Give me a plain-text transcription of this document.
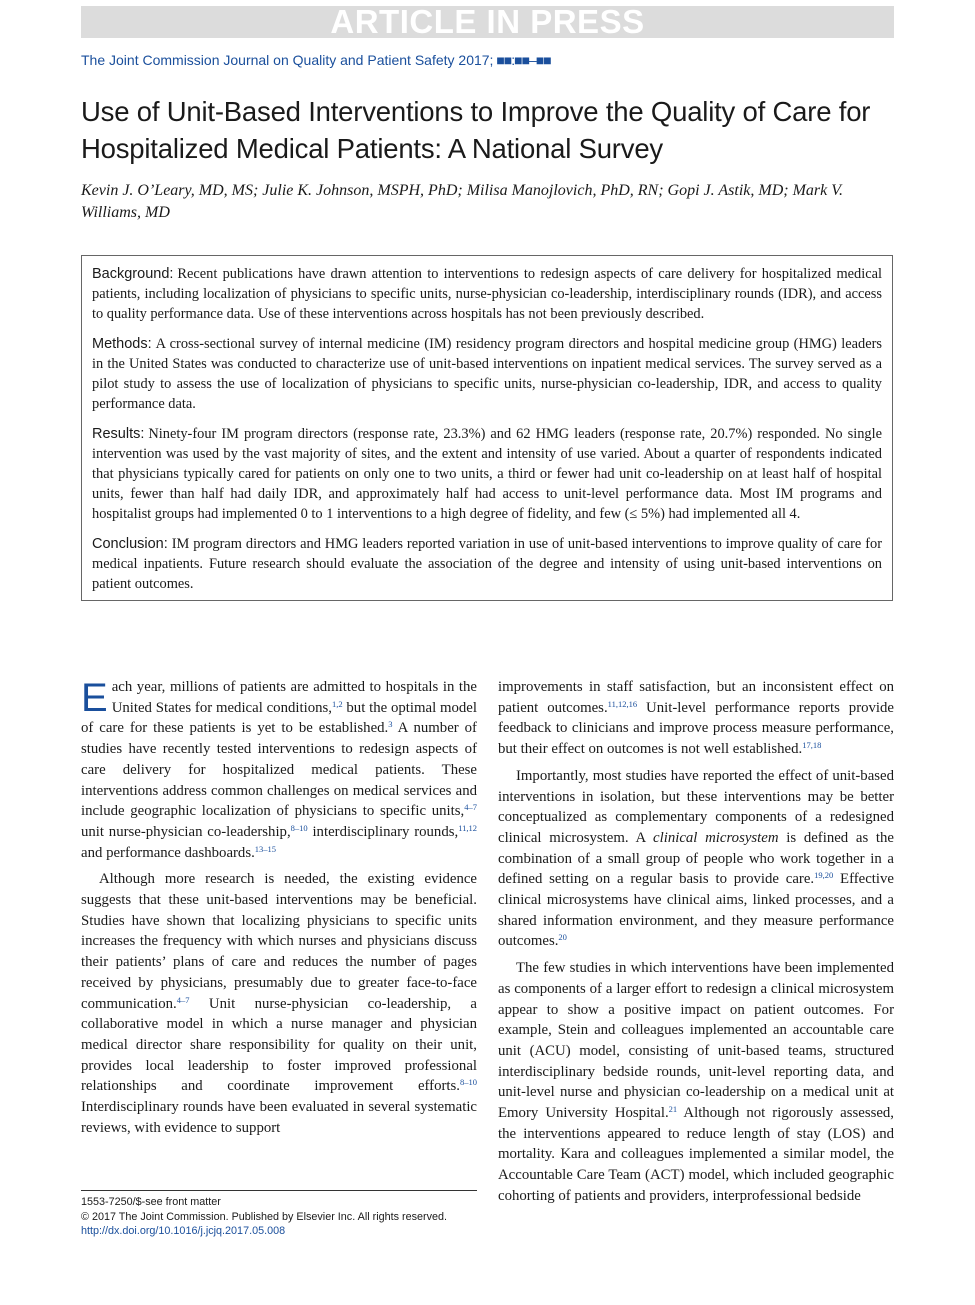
ARTICLE IN PRESS
The Joint Commission Journal on Quality and Patient Safety 2017; ■■:■■–■■
Use of Unit-Based Interventions to Improve the Quality of Care for Hospitalized Medical Patients: A National Survey
Kevin J. O’Leary, MD, MS; Julie K. Johnson, MSPH, PhD; Milisa Manojlovich, PhD, RN; Gopi J. Astik, MD; Mark V. Williams, MD

Background: Recent publications have drawn attention to interventions to redesign aspects of care delivery for hospitalized medical patients, including localization of physicians to specific units, nurse-physician co-leadership, interdisciplinary rounds (IDR), and access to quality performance data. Use of these interventions across hospitals has not been previously described.

Methods: A cross-sectional survey of internal medicine (IM) residency program directors and hospital medicine group (HMG) leaders in the United States was conducted to characterize use of unit-based interventions on inpatient medical services. The survey served as a pilot study to assess the use of localization of physicians to specific units, nurse-physician co-leadership, IDR, and access to quality performance data.

Results: Ninety-four IM program directors (response rate, 23.3%) and 62 HMG leaders (response rate, 20.7%) responded. No single intervention was used by the vast majority of sites, and the extent and intensity of use varied. About a quarter of respondents indicated that physicians typically cared for patients on only one to two units, a third or fewer had unit co-leadership on at least half of hospital units, fewer than half had daily IDR, and approximately half had access to unit-level performance data. Most IM programs and hospitalist groups had implemented 0 to 1 interventions to a high degree of fidelity, and few (≤ 5%) had implemented all 4.

Conclusion: IM program directors and HMG leaders reported variation in use of unit-based interventions to improve quality of care for medical inpatients. Future research should evaluate the association of the degree and intensity of using unit-based interventions on patient outcomes.

Each year, millions of patients are admitted to hospitals in the United States for medical conditions,$^{1,2}$ but the optimal model of care for these patients is yet to be established.$^3$ A number of studies have recently tested interventions to redesign aspects of care delivery for hospitalized medical patients. These interventions address common challenges on medical services and include geographic localization of physicians to specific units,$^{4-7}$ unit nurse-physician co-leadership,$^{8-10}$ interdisciplinary rounds,$^{11,12}$ and performance dashboards.$^{13-15}$

Although more research is needed, the existing evidence suggests that these unit-based interventions may be beneficial. Studies have shown that localizing physicians to specific units increases the frequency with which nurses and physicians discuss their patients’ plans of care and reduces the number of pages received by physicians, presumably due to greater face-to-face communication.$^{4-7}$ Unit nurse-physician co-leadership, a collaborative model in which a nurse manager and physician medical director share responsibility for quality on their unit, provides local leadership to foster improved professional relationships and coordinate improvement efforts.$^{8-10}$ Interdisciplinary rounds have been evaluated in several systematic reviews, with evidence to support

improvements in staff satisfaction, but an inconsistent effect on patient outcomes.$^{11,12,16}$ Unit-level performance reports provide feedback to clinicians and improve process measure performance, but their effect on outcomes is not well established.$^{17,18}$

Importantly, most studies have reported the effect of unit-based interventions in isolation, but these interventions may be better conceptualized as complementary components of a redesigned clinical microsystem. A clinical microsystem is defined as the combination of a small group of people who work together in a defined setting on a regular basis to provide care.$^{19,20}$ Effective clinical microsystems have clinical aims, linked processes, and a shared information environment, and they measure performance outcomes.$^{20}$

The few studies in which interventions have been implemented as components of a larger effort to redesign a clinical microsystem appear to show a positive impact on patient outcomes. For example, Stein and colleagues implemented an accountable care unit (ACU) model, consisting of unit-based teams, structured interdisciplinary bedside rounds, unit-level reporting data, and unit-level nurse and physician co-leadership on a medical unit at Emory University Hospital.$^{21}$ Although not rigorously assessed, the interventions appeared to reduce length of stay (LOS) and mortality. Kara and colleagues implemented a similar model, the Accountable Care Team (ACT) model, which included geographic cohorting of patients and providers, interprofessional bedside

1553-7250/$-see front matter
© 2017 The Joint Commission. Published by Elsevier Inc. All rights reserved.
http://dx.doi.org/10.1016/j.jcjq.2017.05.008
